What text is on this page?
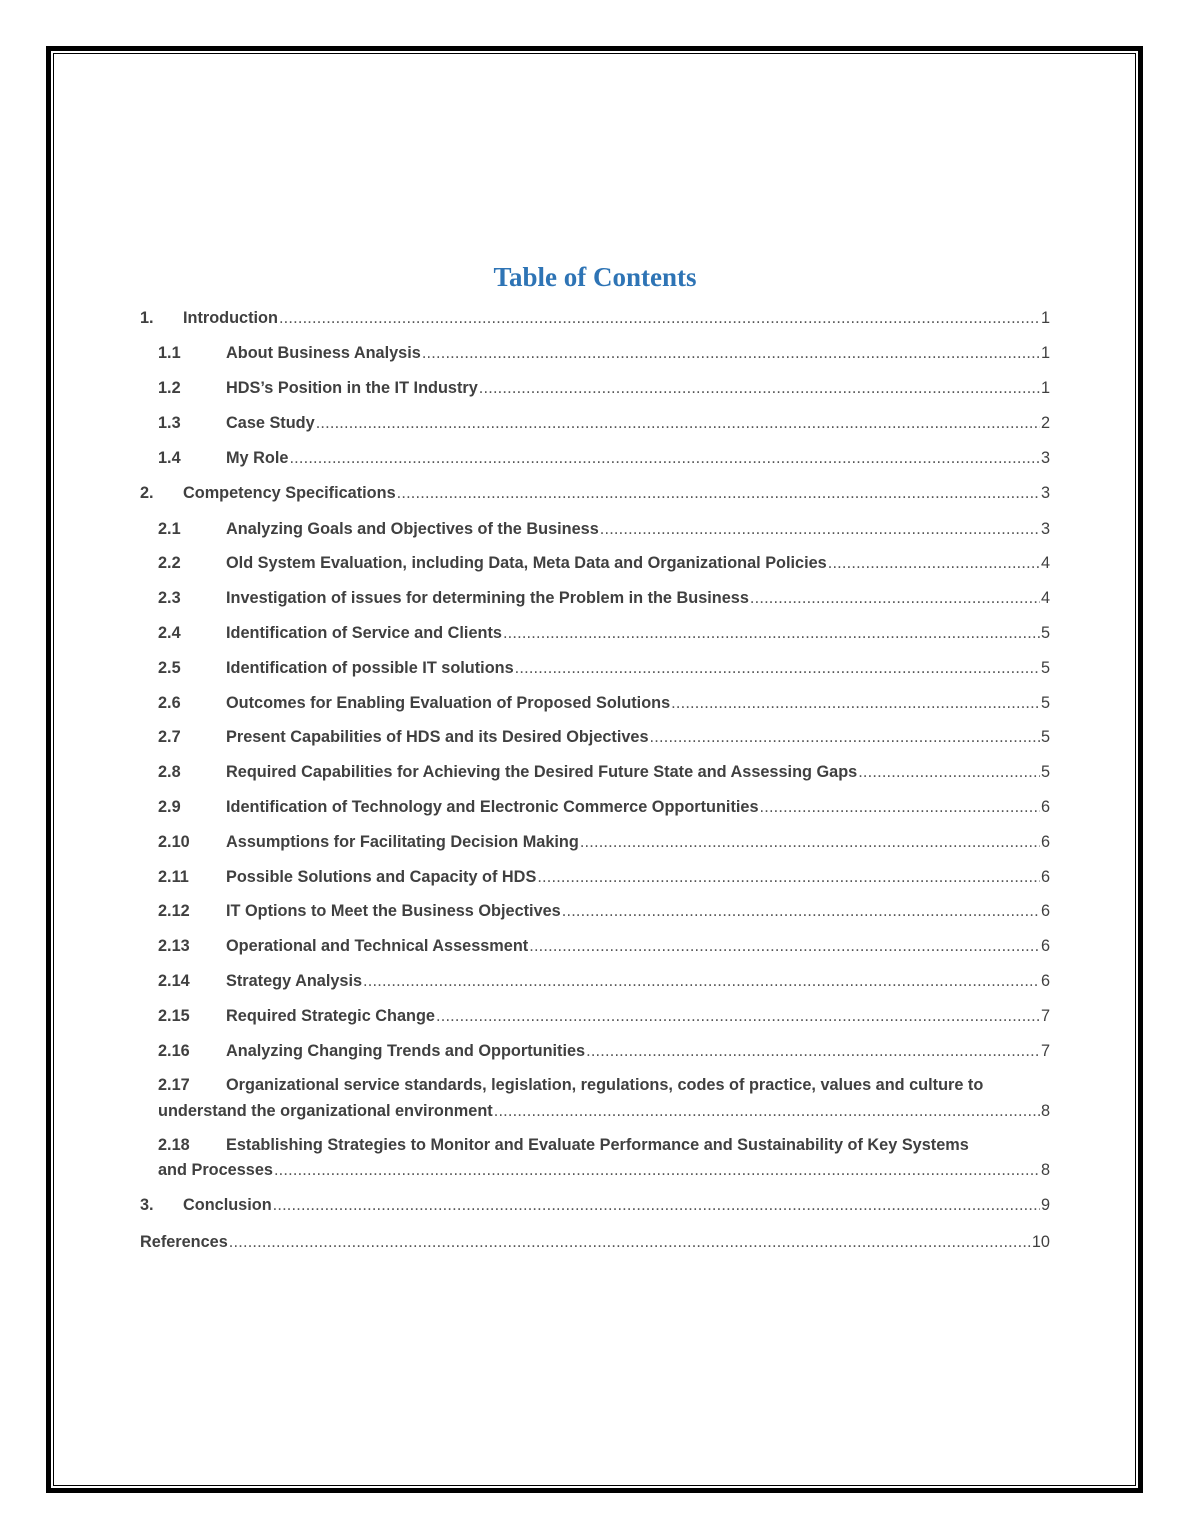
Table of Contents
1.	Introduction .....	1
1.1	About Business Analysis .....	1
1.2	HDS’s Position in the IT Industry .....	1
1.3	Case Study .....	2
1.4	My Role .....	3
2.	Competency Specifications .....	3
2.1	Analyzing Goals and Objectives of the Business .....	3
2.2	Old System Evaluation, including Data, Meta Data and Organizational Policies .....	4
2.3	Investigation of issues for determining the Problem in the Business .....	4
2.4	Identification of Service and Clients .....	5
2.5	Identification of possible IT solutions .....	5
2.6	Outcomes for Enabling Evaluation of Proposed Solutions .....	5
2.7	Present Capabilities of HDS and its Desired Objectives .....	5
2.8	Required Capabilities for Achieving the Desired Future State and Assessing Gaps .....	5
2.9	Identification of Technology and Electronic Commerce Opportunities .....	6
2.10	Assumptions for Facilitating Decision Making .....	6
2.11	Possible Solutions and Capacity of HDS .....	6
2.12	IT Options to Meet the Business Objectives .....	6
2.13	Operational and Technical Assessment .....	6
2.14	Strategy Analysis .....	6
2.15	Required Strategic Change .....	7
2.16	Analyzing Changing Trends and Opportunities .....	7
2.17 Organizational service standards, legislation, regulations, codes of practice, values and culture to
understand the organizational environment .....	8
2.18 Establishing Strategies to Monitor and Evaluate Performance and Sustainability of Key Systems
and Processes .....	8
3.	Conclusion .....	9
References .....	10
